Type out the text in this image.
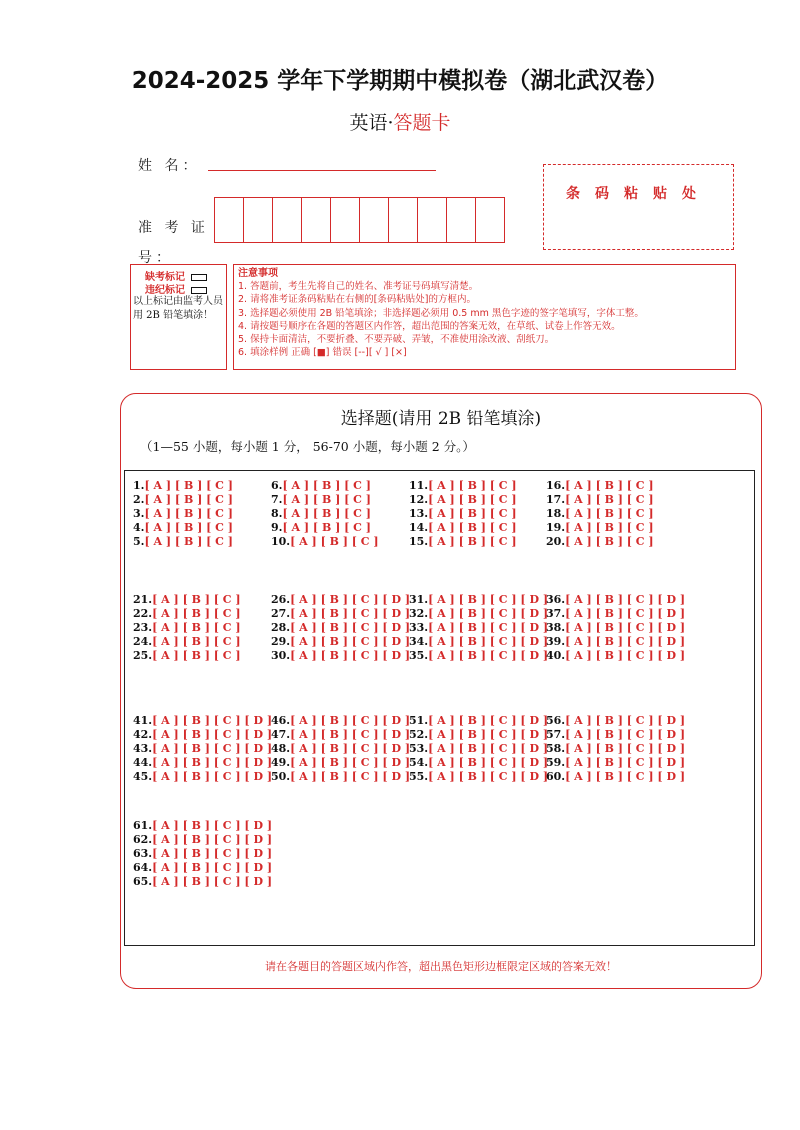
2024-2025 学年下学期期中模拟卷（湖北武汉卷）
英语·答题卡
姓 名：
准 考 证 号：
条码粘贴处
缺考标记
违纪标记
以上标记由监考人员用 2B 铅笔填涂！
注意事项
1. 答题前，考生先将自己的姓名、准考证号码填写清楚。
2. 请将准考证条码粘贴在右侧的[条码粘贴处]的方框内。
3. 选择题必须使用 2B 铅笔填涂；非选择题必须用 0.5 mm 黑色字迹的签字笔填写，字体工整。
4. 请按题号顺序在各题的答题区内作答，超出范围的答案无效，在草纸、试卷上作答无效。
5. 保持卡面清洁，不要折叠、不要弄破、弄皱，不准使用涂改液、刮纸刀。
6. 填涂样例 正确 [■] 错误 [--][ √ ] [×]
选择题(请用 2B 铅笔填涂)
（1—55 小题，每小题 1 分， 56-70 小题，每小题 2 分。）
1.[ A ] [ B ] [ C ]
2.[ A ] [ B ] [ C ]
3.[ A ] [ B ] [ C ]
4.[ A ] [ B ] [ C ]
5.[ A ] [ B ] [ C ]
6.[ A ] [ B ] [ C ]
7.[ A ] [ B ] [ C ]
8.[ A ] [ B ] [ C ]
9.[ A ] [ B ] [ C ]
10.[ A ] [ B ] [ C ]
11.[ A ] [ B ] [ C ]
12.[ A ] [ B ] [ C ]
13.[ A ] [ B ] [ C ]
14.[ A ] [ B ] [ C ]
15.[ A ] [ B ] [ C ]
16.[ A ] [ B ] [ C ]
17.[ A ] [ B ] [ C ]
18.[ A ] [ B ] [ C ]
19.[ A ] [ B ] [ C ]
20.[ A ] [ B ] [ C ]
21.[ A ] [ B ] [ C ]
22.[ A ] [ B ] [ C ]
23.[ A ] [ B ] [ C ]
24.[ A ] [ B ] [ C ]
25.[ A ] [ B ] [ C ]
26.[ A ] [ B ] [ C ] [ D ]
27.[ A ] [ B ] [ C ] [ D ]
28.[ A ] [ B ] [ C ] [ D ]
29.[ A ] [ B ] [ C ] [ D ]
30.[ A ] [ B ] [ C ] [ D ]
31.[ A ] [ B ] [ C ] [ D ]
32.[ A ] [ B ] [ C ] [ D ]
33.[ A ] [ B ] [ C ] [ D ]
34.[ A ] [ B ] [ C ] [ D ]
35.[ A ] [ B ] [ C ] [ D ]
36.[ A ] [ B ] [ C ] [ D ]
37.[ A ] [ B ] [ C ] [ D ]
38.[ A ] [ B ] [ C ] [ D ]
39.[ A ] [ B ] [ C ] [ D ]
40.[ A ] [ B ] [ C ] [ D ]
41.[ A ] [ B ] [ C ] [ D ]
42.[ A ] [ B ] [ C ] [ D ]
43.[ A ] [ B ] [ C ] [ D ]
44.[ A ] [ B ] [ C ] [ D ]
45.[ A ] [ B ] [ C ] [ D ]
46.[ A ] [ B ] [ C ] [ D ]
47.[ A ] [ B ] [ C ] [ D ]
48.[ A ] [ B ] [ C ] [ D ]
49.[ A ] [ B ] [ C ] [ D ]
50.[ A ] [ B ] [ C ] [ D ]
51.[ A ] [ B ] [ C ] [ D ]
52.[ A ] [ B ] [ C ] [ D ]
53.[ A ] [ B ] [ C ] [ D ]
54.[ A ] [ B ] [ C ] [ D ]
55.[ A ] [ B ] [ C ] [ D ]
56.[ A ] [ B ] [ C ] [ D ]
57.[ A ] [ B ] [ C ] [ D ]
58.[ A ] [ B ] [ C ] [ D ]
59.[ A ] [ B ] [ C ] [ D ]
60.[ A ] [ B ] [ C ] [ D ]
61.[ A ] [ B ] [ C ] [ D ]
62.[ A ] [ B ] [ C ] [ D ]
63.[ A ] [ B ] [ C ] [ D ]
64.[ A ] [ B ] [ C ] [ D ]
65.[ A ] [ B ] [ C ] [ D ]
请在各题目的答题区域内作答，超出黑色矩形边框限定区域的答案无效！
